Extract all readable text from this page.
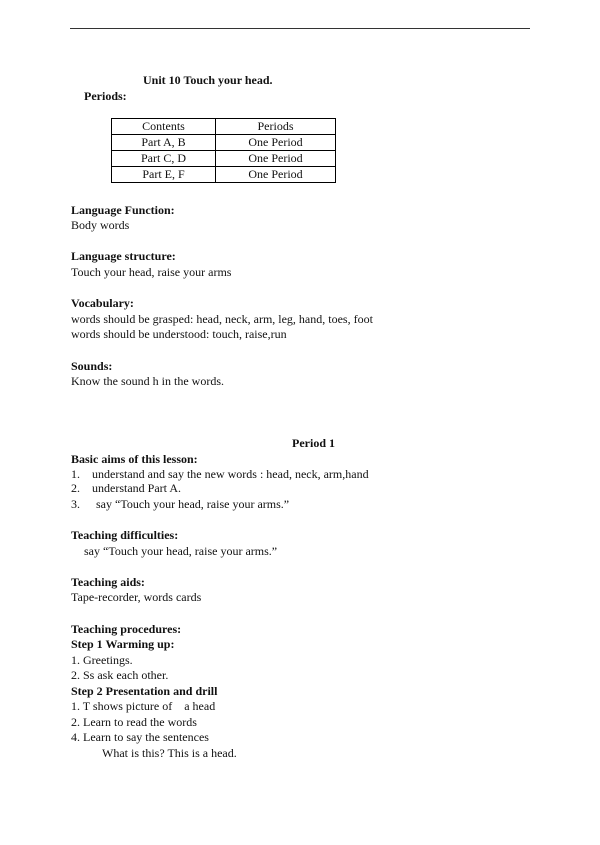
Unit 10 Touch your head.
Periods:
Contents	Periods
Part A, B	One Period
Part C, D	One Period
Part E, F	One Period
Language Function:
Body words
Language structure:
Touch your head, raise your arms
Vocabulary:
words should be grasped: head, neck, arm, leg, hand, toes, foot
words should be understood: touch, raise,run
Sounds:
Know the sound h in the words.
Period 1
Basic aims of this lesson:
1. understand and say the new words : head, neck, arm,hand
2. understand Part A.
3. say “Touch your head, raise your arms.”
Teaching difficulties:
say “Touch your head, raise your arms.”
Teaching aids:
Tape-recorder, words cards
Teaching procedures:
Step 1 Warming up:
1. Greetings.
2. Ss ask each other.
Step 2 Presentation and drill
1. T shows picture of    a head
2. Learn to read the words
4. Learn to say the sentences
What is this? This is a head.
